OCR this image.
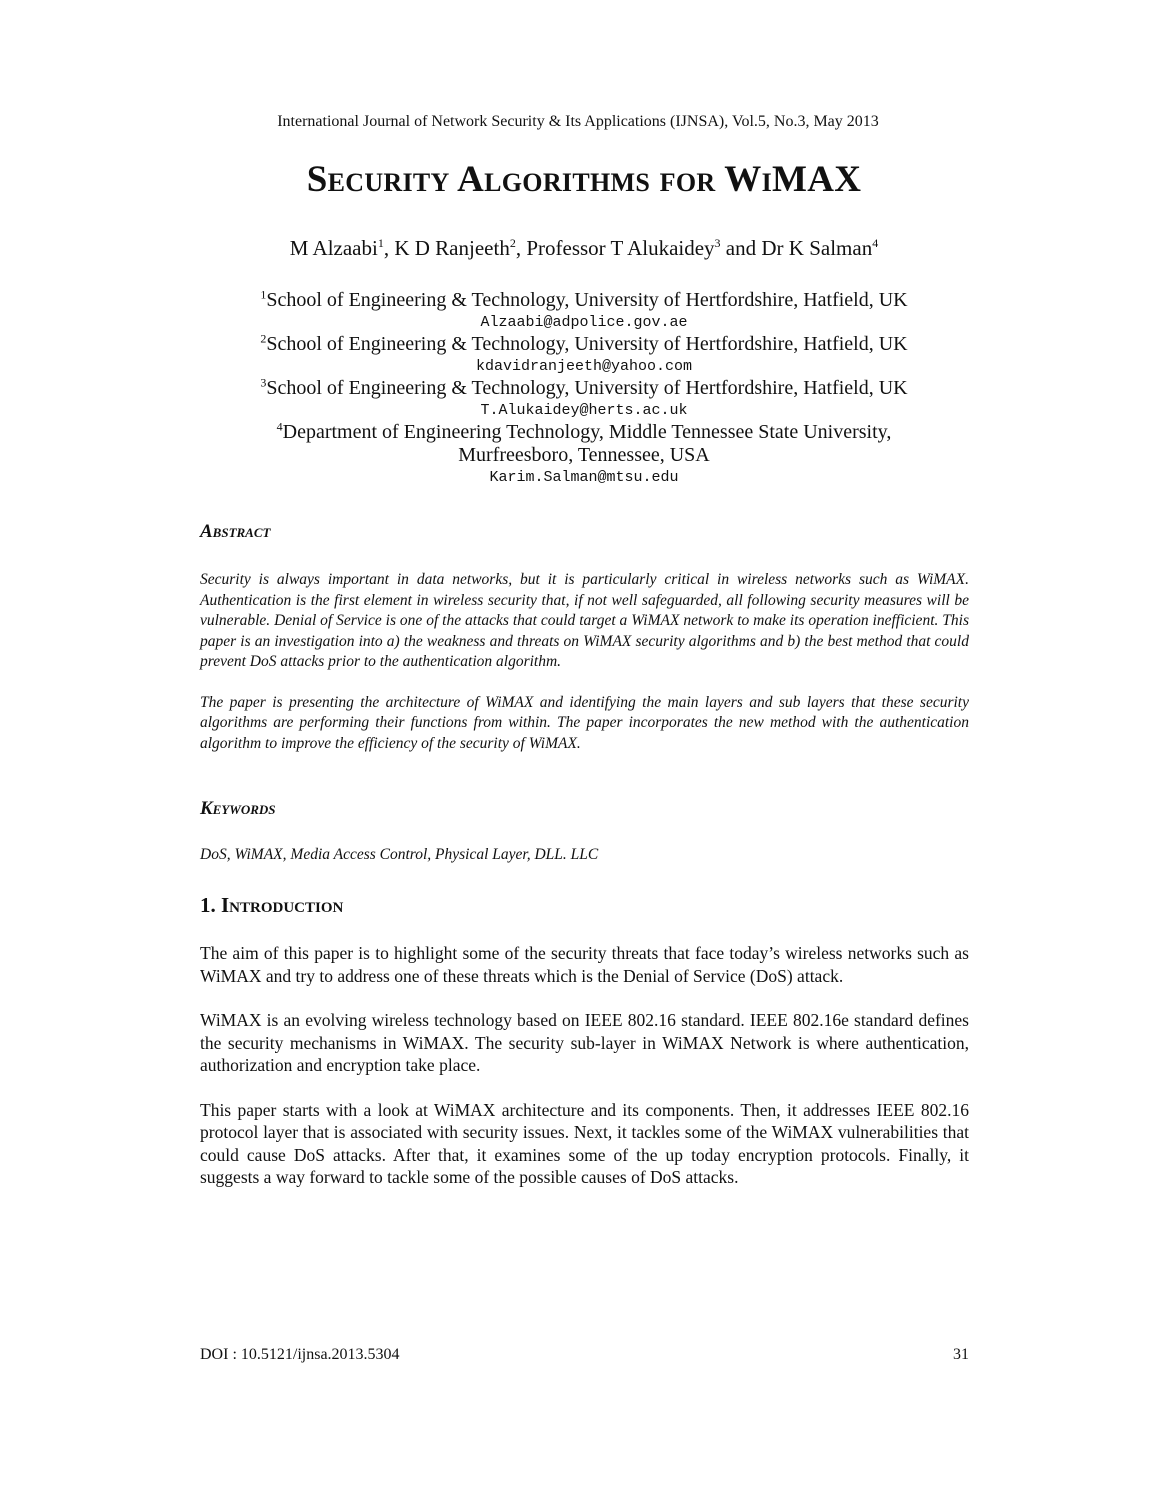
International Journal of Network Security & Its Applications (IJNSA), Vol.5, No.3, May 2013
Security Algorithms for WiMAX
M Alzaabi$^1$, K D Ranjeeth$^2$, Professor T Alukaidey$^3$ and Dr K Salman$^4$
$^1$School of Engineering & Technology, University of Hertfordshire, Hatfield, UK
Alzaabi@adpolice.gov.ae
$^2$School of Engineering & Technology, University of Hertfordshire, Hatfield, UK
kdavidranjeeth@yahoo.com
$^3$School of Engineering & Technology, University of Hertfordshire, Hatfield, UK
T.Alukaidey@herts.ac.uk
$^4$Department of Engineering Technology, Middle Tennessee State University,
Murfreesboro, Tennessee, USA
Karim.Salman@mtsu.edu
Abstract

Security is always important in data networks, but it is particularly critical in wireless networks such as WiMAX. Authentication is the first element in wireless security that, if not well safeguarded, all following security measures will be vulnerable. Denial of Service is one of the attacks that could target a WiMAX network to make its operation inefficient. This paper is an investigation into a) the weakness and threats on WiMAX security algorithms and b) the best method that could prevent DoS attacks prior to the authentication algorithm.

The paper is presenting the architecture of WiMAX and identifying the main layers and sub layers that these security algorithms are performing their functions from within. The paper incorporates the new method with the authentication algorithm to improve the efficiency of the security of WiMAX.

Keywords
DoS, WiMAX, Media Access Control, Physical Layer, DLL. LLC
1. Introduction

The aim of this paper is to highlight some of the security threats that face today’s wireless networks such as WiMAX and try to address one of these threats which is the Denial of Service (DoS) attack.

WiMAX is an evolving wireless technology based on IEEE 802.16 standard. IEEE 802.16e standard defines the security mechanisms in WiMAX. The security sub-layer in WiMAX Network is where authentication, authorization and encryption take place.

This paper starts with a look at WiMAX architecture and its components. Then, it addresses IEEE 802.16 protocol layer that is associated with security issues. Next, it tackles some of the WiMAX vulnerabilities that could cause DoS attacks. After that, it examines some of the up today encryption protocols. Finally, it suggests a way forward to tackle some of the possible causes of DoS attacks.

DOI : 10.5121/ijnsa.2013.5304	31
